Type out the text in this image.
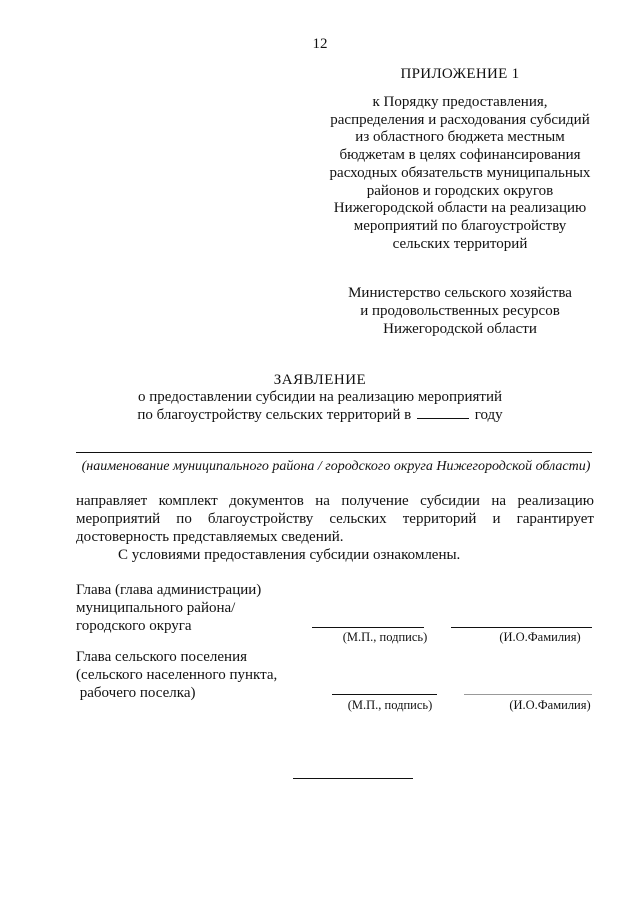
12
ПРИЛОЖЕНИЕ 1
к Порядку предоставления,
распределения и расходования субсидий
из областного бюджета местным
бюджетам в целях софинансирования
расходных обязательств муниципальных
районов и городских округов
Нижегородской области на реализацию
мероприятий по благоустройству
сельских территорий
Министерство сельского хозяйства
и продовольственных ресурсов
Нижегородской области
ЗАЯВЛЕНИЕ
о предоставлении субсидии на реализацию мероприятий
по благоустройству сельских территорий в	году
(наименование муниципального района / городского округа Нижегородской области)
направляет комплект документов на получение субсидии на реализацию мероприятий по благоустройству сельских территорий и гарантирует достоверность представляемых сведений.
С условиями предоставления субсидии ознакомлены.
Глава (глава администрации)
муниципального района/
городского округа
(М.П., подпись)	(И.О.Фамилия)
Глава сельского поселения
(сельского населенного пункта,
рабочего поселка)
(М.П., подпись)	(И.О.Фамилия)
